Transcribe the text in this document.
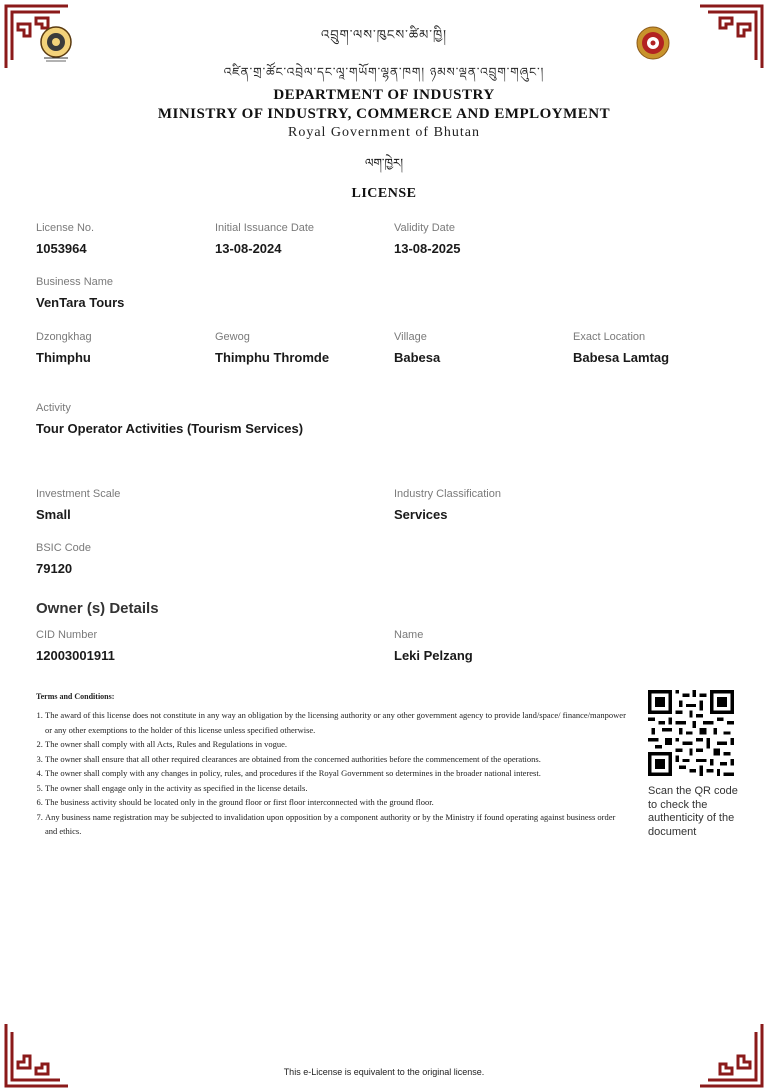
འབྲུག་ལས་ཁུངས་ཚིམ་ཁྱི།
འཛིན་གྲ་ཚོང་འབྲེལ་དང་ལཱ་གཡོག་ལྷན་ཁག། ཉམས་ལྡན་འབྲུག་གཞུང་།
DEPARTMENT OF INDUSTRY
MINISTRY OF INDUSTRY, COMMERCE AND EMPLOYMENT
Royal Government of Bhutan
ལག་ཁྱེར།
LICENSE
License No.
1053964
Initial Issuance Date
13-08-2024
Validity Date
13-08-2025
Business Name
VenTara Tours
Dzongkhag
Thimphu
Gewog
Thimphu Thromde
Village
Babesa
Exact Location
Babesa Lamtag
Activity
Tour Operator Activities (Tourism Services)
Investment Scale
Small
Industry Classification
Services
BSIC Code
79120
Owner (s) Details
CID Number
12003001911
Name
Leki Pelzang
Terms and Conditions:
1. The award of this license does not constitute in any way an obligation by the licensing authority or any other government agency to provide land/space/ finance/manpower or any other exemptions to the holder of this license unless specified otherwise.
2. The owner shall comply with all Acts, Rules and Regulations in vogue.
3. The owner shall ensure that all other required clearances are obtained from the concerned authorities before the commencement of the operations.
4. The owner shall comply with any changes in policy, rules, and procedures if the Royal Government so determines in the broader national interest.
5. The owner shall engage only in the activity as specified in the license details.
6. The business activity should be located only in the ground floor or first floor interconnected with the ground floor.
7. Any business name registration may be subjected to invalidation upon opposition by a component authority or by the Ministry if found operating against business order and ethics.
Scan the QR code to check the authenticity of the document
This e-License is equivalent to the original license.
